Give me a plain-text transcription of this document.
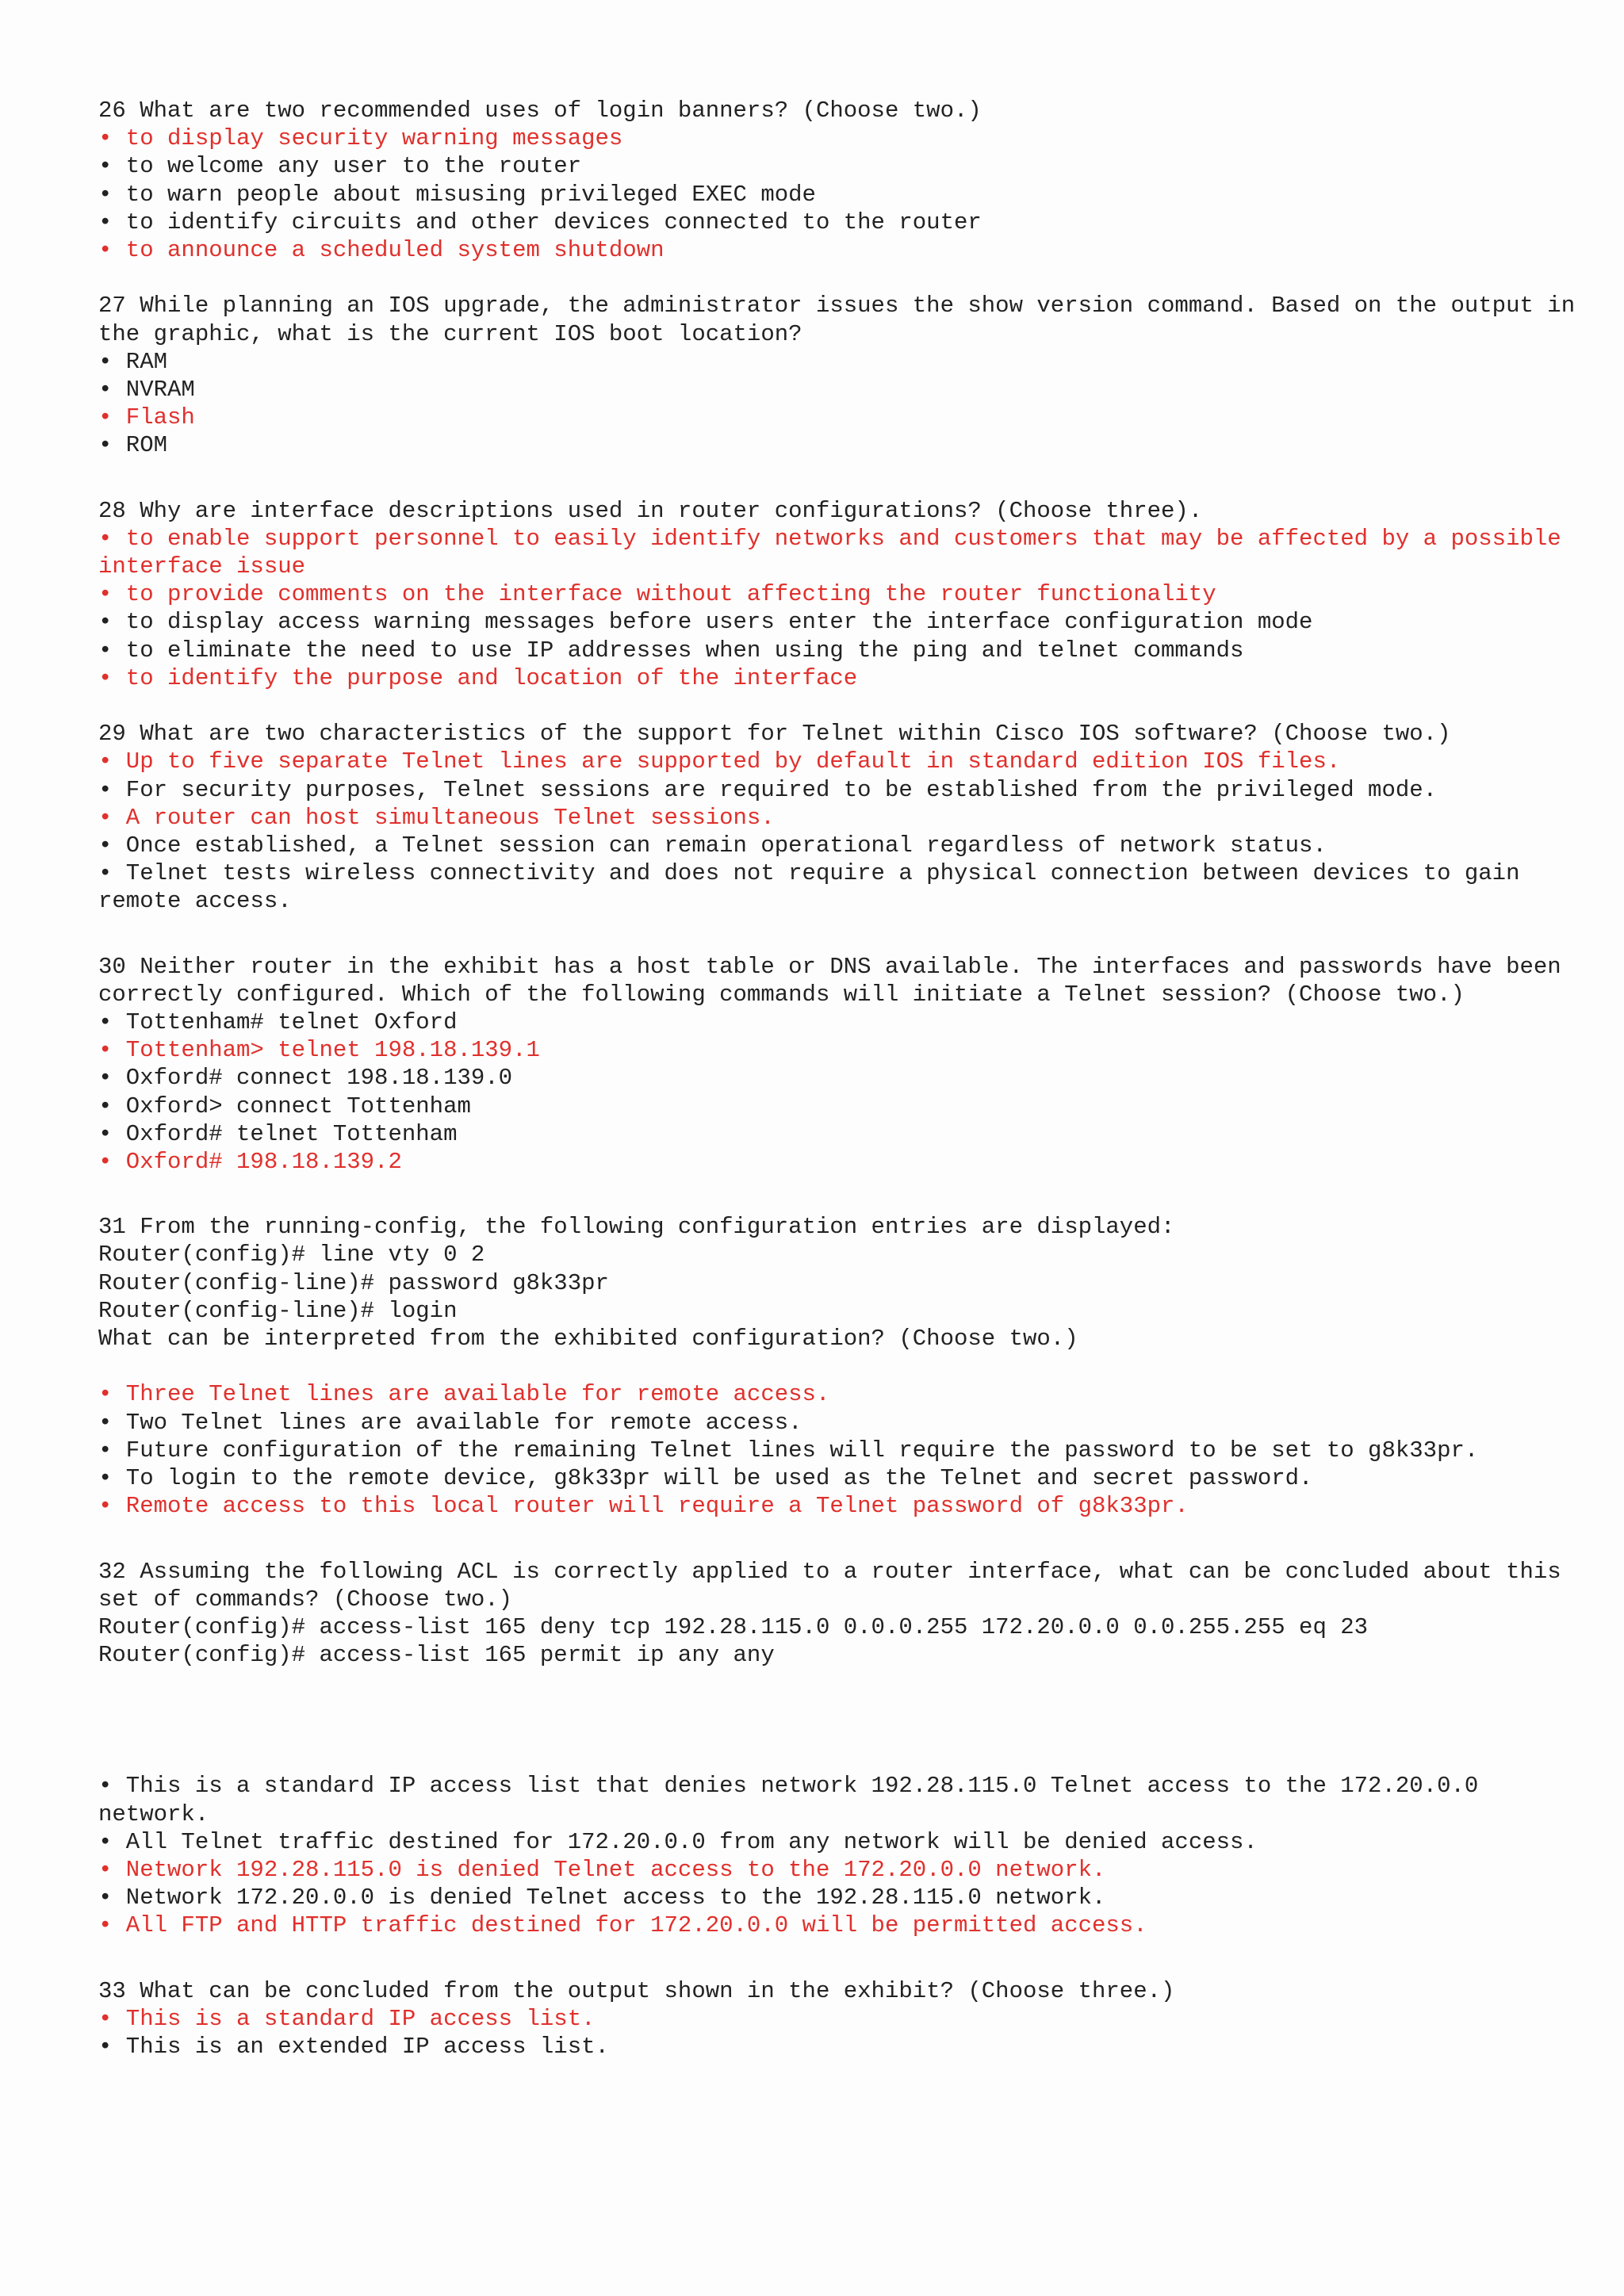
26 What are two recommended uses of login banners? (Choose two.)
• to display security warning messages
• to welcome any user to the router
• to warn people about misusing privileged EXEC mode
• to identify circuits and other devices connected to the router
• to announce a scheduled system shutdown
27 While planning an IOS upgrade, the administrator issues the show version command. Based on the output in the graphic, what is the current IOS boot location?
• RAM
• NVRAM
• Flash
• ROM
28 Why are interface descriptions used in router configurations? (Choose three).
• to enable support personnel to easily identify networks and customers that may be affected by a possible interface issue
• to provide comments on the interface without affecting the router functionality
• to display access warning messages before users enter the interface configuration mode
• to eliminate the need to use IP addresses when using the ping and telnet commands
• to identify the purpose and location of the interface
29 What are two characteristics of the support for Telnet within Cisco IOS software? (Choose two.)
• Up to five separate Telnet lines are supported by default in standard edition IOS files.
• For security purposes, Telnet sessions are required to be established from the privileged mode.
• A router can host simultaneous Telnet sessions.
• Once established, a Telnet session can remain operational regardless of network status.
• Telnet tests wireless connectivity and does not require a physical connection between devices to gain remote access.
30 Neither router in the exhibit has a host table or DNS available. The interfaces and passwords have been correctly configured. Which of the following commands will initiate a Telnet session? (Choose two.)
• Tottenham# telnet Oxford
• Tottenham> telnet 198.18.139.1
• Oxford# connect 198.18.139.0
• Oxford> connect Tottenham
• Oxford# telnet Tottenham
• Oxford# 198.18.139.2
31 From the running-config, the following configuration entries are displayed:
Router(config)# line vty 0 2
Router(config-line)# password g8k33pr
Router(config-line)# login
What can be interpreted from the exhibited configuration? (Choose two.)
• Three Telnet lines are available for remote access.
• Two Telnet lines are available for remote access.
• Future configuration of the remaining Telnet lines will require the password to be set to g8k33pr.
• To login to the remote device, g8k33pr will be used as the Telnet and secret password.
• Remote access to this local router will require a Telnet password of g8k33pr.
32 Assuming the following ACL is correctly applied to a router interface, what can be concluded about this set of commands? (Choose two.)
Router(config)# access-list 165 deny tcp 192.28.115.0 0.0.0.255 172.20.0.0 0.0.255.255 eq 23
Router(config)# access-list 165 permit ip any any
• This is a standard IP access list that denies network 192.28.115.0 Telnet access to the 172.20.0.0 network.
• All Telnet traffic destined for 172.20.0.0 from any network will be denied access.
• Network 192.28.115.0 is denied Telnet access to the 172.20.0.0 network.
• Network 172.20.0.0 is denied Telnet access to the 192.28.115.0 network.
• All FTP and HTTP traffic destined for 172.20.0.0 will be permitted access.
33 What can be concluded from the output shown in the exhibit? (Choose three.)
• This is a standard IP access list.
• This is an extended IP access list.
